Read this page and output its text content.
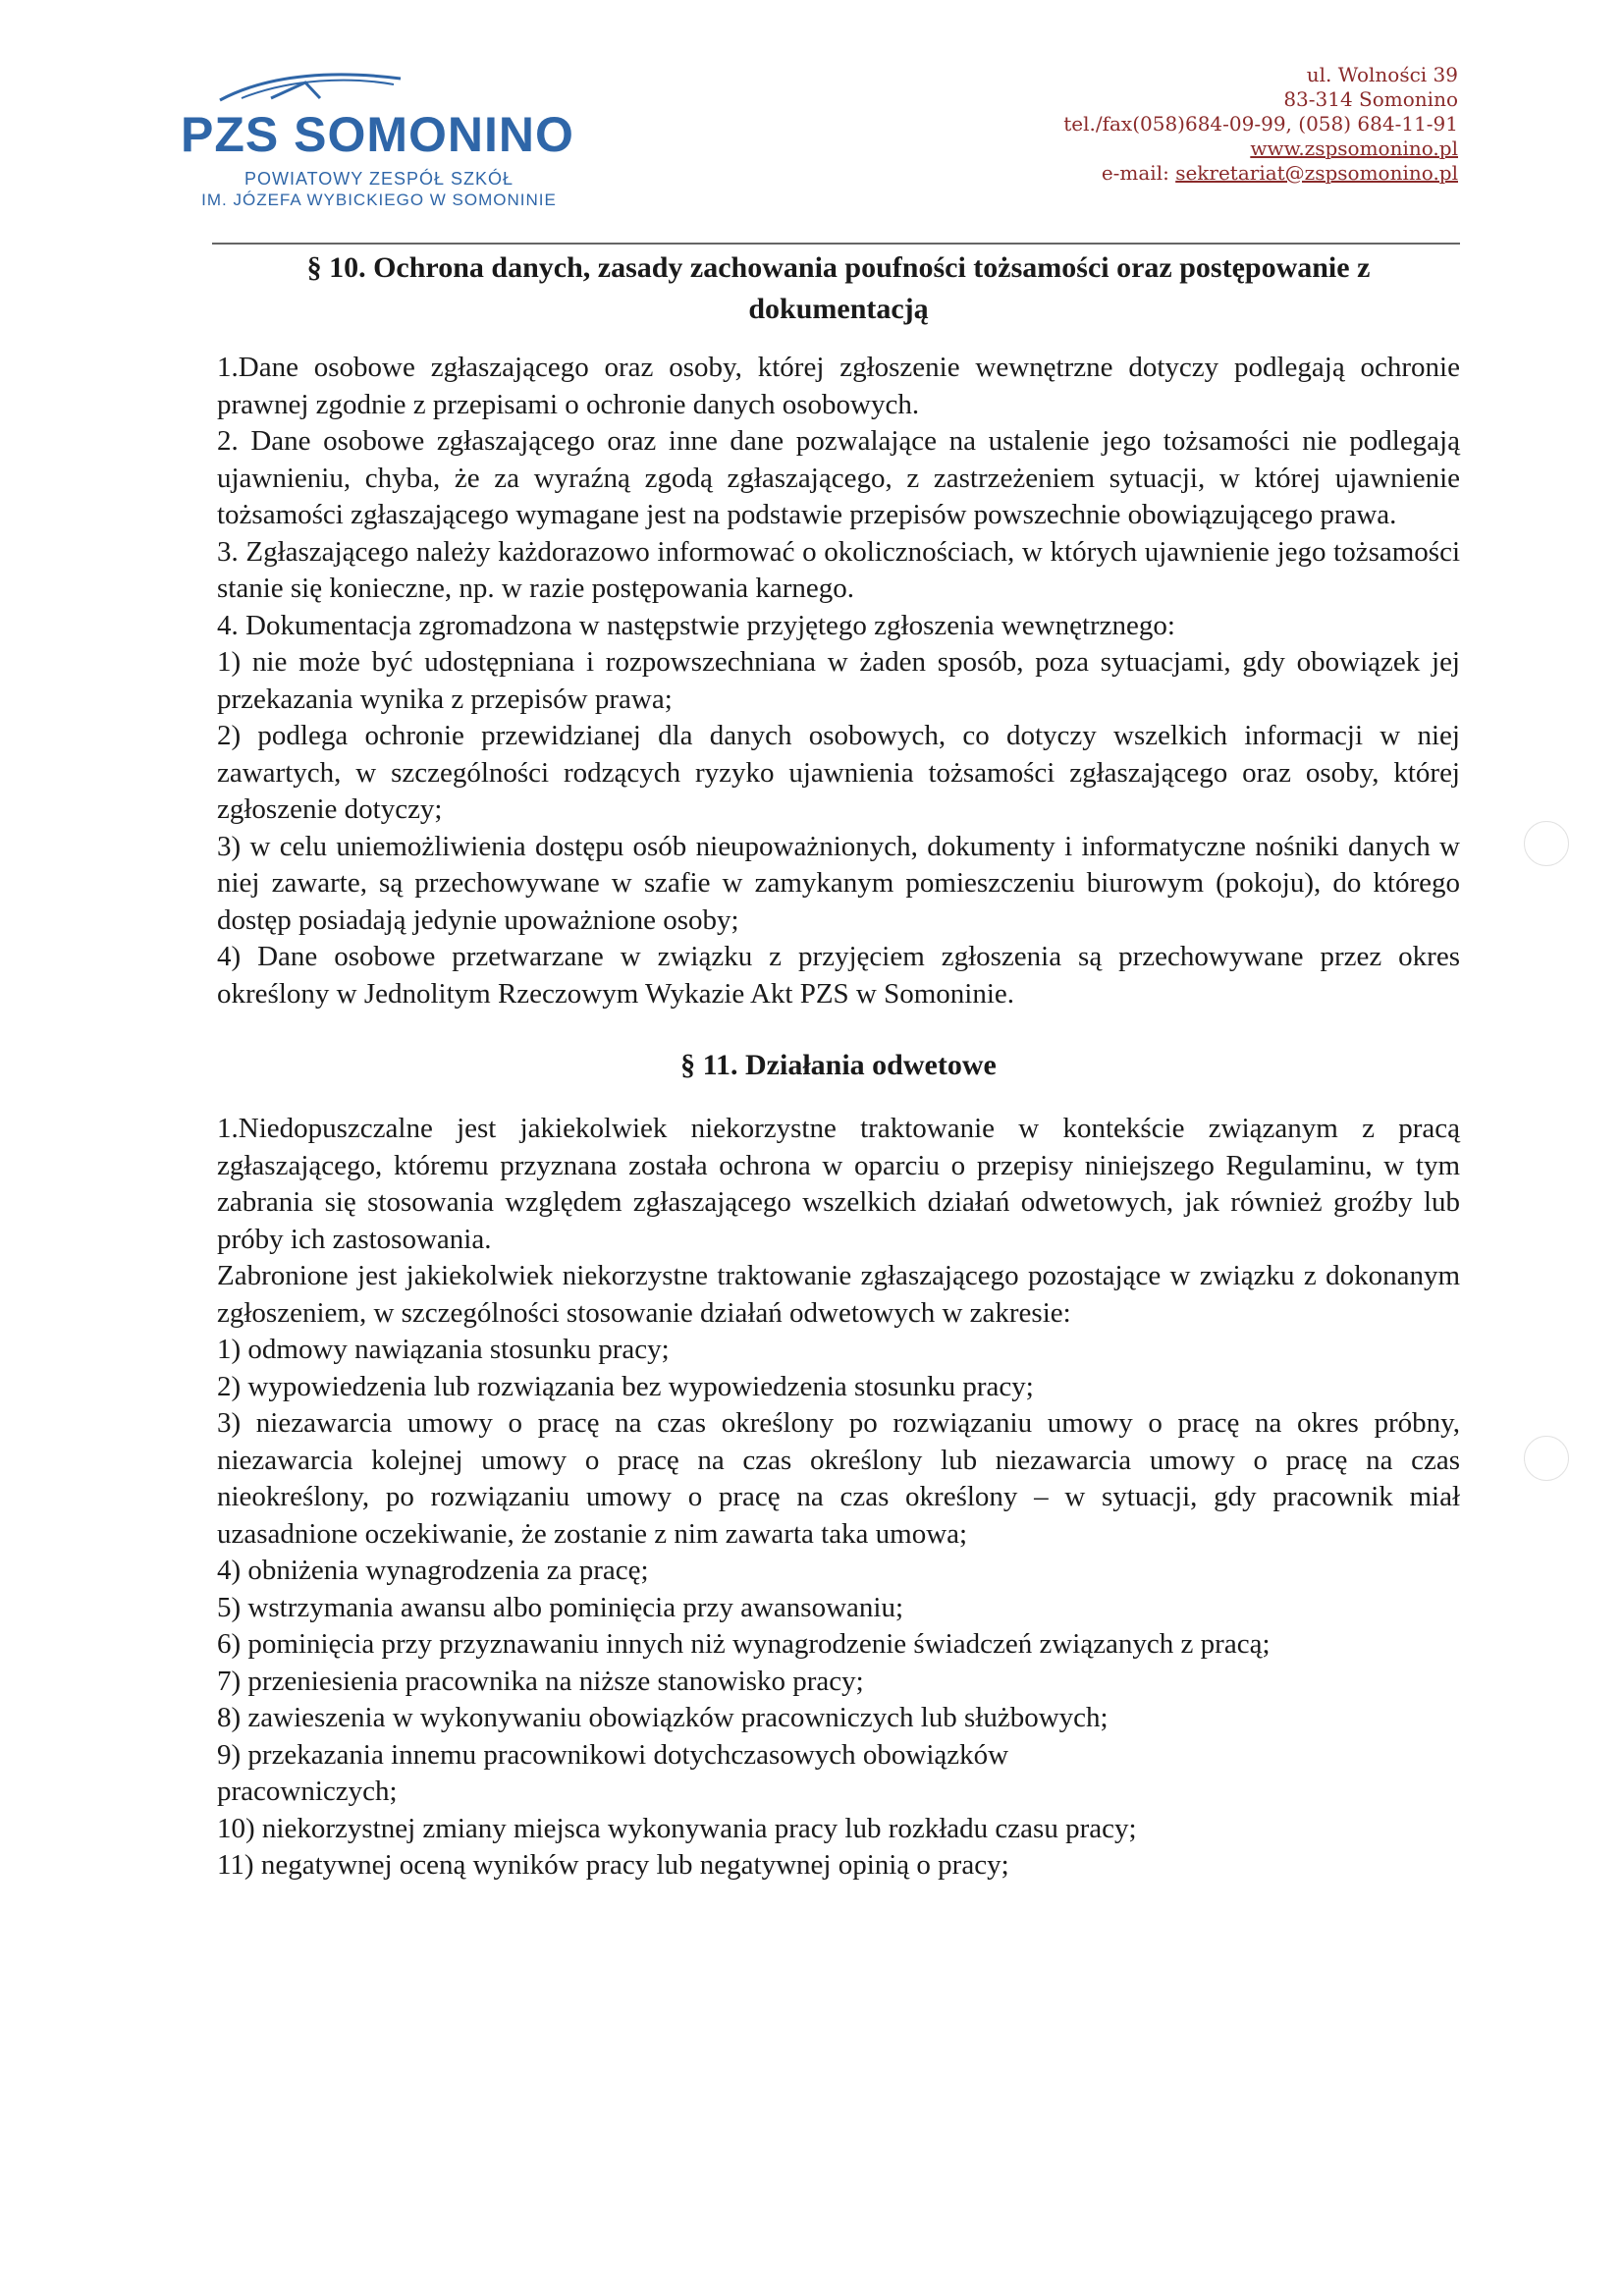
PZS SOMONINO
POWIATOWY ZESPÓŁ SZKÓŁ
IM. JÓZEFA WYBICKIEGO W SOMONINIE
ul. Wolności 39
83-314 Somonino
tel./fax(058)684-09-99, (058) 684-11-91
www.zspsomonino.pl
e-mail: sekretariat@zspsomonino.pl
§ 10. Ochrona danych, zasady zachowania poufności tożsamości oraz postępowanie z dokumentacją

1.Dane osobowe zgłaszającego oraz osoby, której zgłoszenie wewnętrzne dotyczy podlegają ochronie prawnej zgodnie z przepisami o ochronie danych osobowych.

2. Dane osobowe zgłaszającego oraz inne dane pozwalające na ustalenie jego tożsamości nie podlegają ujawnieniu, chyba, że za wyraźną zgodą zgłaszającego, z zastrzeżeniem sytuacji, w której ujawnienie tożsamości zgłaszającego wymagane jest na podstawie przepisów powszechnie obowiązującego prawa.

3. Zgłaszającego należy każdorazowo informować o okolicznościach, w których ujawnienie jego tożsamości stanie się konieczne, np. w razie postępowania karnego.

4. Dokumentacja zgromadzona w następstwie przyjętego zgłoszenia wewnętrznego:

1) nie może być udostępniana i rozpowszechniana w żaden sposób, poza sytuacjami, gdy obowiązek jej przekazania wynika z przepisów prawa;

2) podlega ochronie przewidzianej dla danych osobowych, co dotyczy wszelkich informacji w niej zawartych, w szczególności rodzących ryzyko ujawnienia tożsamości zgłaszającego oraz osoby, której zgłoszenie dotyczy;

3) w celu uniemożliwienia dostępu osób nieupoważnionych, dokumenty i informatyczne nośniki danych w niej zawarte, są przechowywane w szafie w zamykanym pomieszczeniu biurowym (pokoju), do którego dostęp posiadają jedynie upoważnione osoby;

4) Dane osobowe przetwarzane w związku z przyjęciem zgłoszenia są przechowywane przez okres określony w Jednolitym Rzeczowym Wykazie Akt PZS w Somoninie.

§ 11. Działania odwetowe

1.Niedopuszczalne jest jakiekolwiek niekorzystne traktowanie w kontekście związanym z pracą zgłaszającego, któremu przyznana została ochrona w oparciu o przepisy niniejszego Regulaminu, w tym zabrania się stosowania względem zgłaszającego wszelkich działań odwetowych, jak również groźby lub próby ich zastosowania.

Zabronione jest jakiekolwiek niekorzystne traktowanie zgłaszającego pozostające w związku z dokonanym zgłoszeniem, w szczególności stosowanie działań odwetowych w zakresie:

1) odmowy nawiązania stosunku pracy;

2) wypowiedzenia lub rozwiązania bez wypowiedzenia stosunku pracy;

3) niezawarcia umowy o pracę na czas określony po rozwiązaniu umowy o pracę na okres próbny, niezawarcia kolejnej umowy o pracę na czas określony lub niezawarcia umowy o pracę na czas nieokreślony, po rozwiązaniu umowy o pracę na czas określony – w sytuacji, gdy pracownik miał uzasadnione oczekiwanie, że zostanie z nim zawarta taka umowa;

4) obniżenia wynagrodzenia za pracę;

5) wstrzymania awansu albo pominięcia przy awansowaniu;

6) pominięcia przy przyznawaniu innych niż wynagrodzenie świadczeń związanych z pracą;

7) przeniesienia pracownika na niższe stanowisko pracy;

8) zawieszenia w wykonywaniu obowiązków pracowniczych lub służbowych;

9) przekazania innemu pracownikowi dotychczasowych obowiązków

pracowniczych;

10) niekorzystnej zmiany miejsca wykonywania pracy lub rozkładu czasu pracy;

11) negatywnej oceną wyników pracy lub negatywnej opinią o pracy;
